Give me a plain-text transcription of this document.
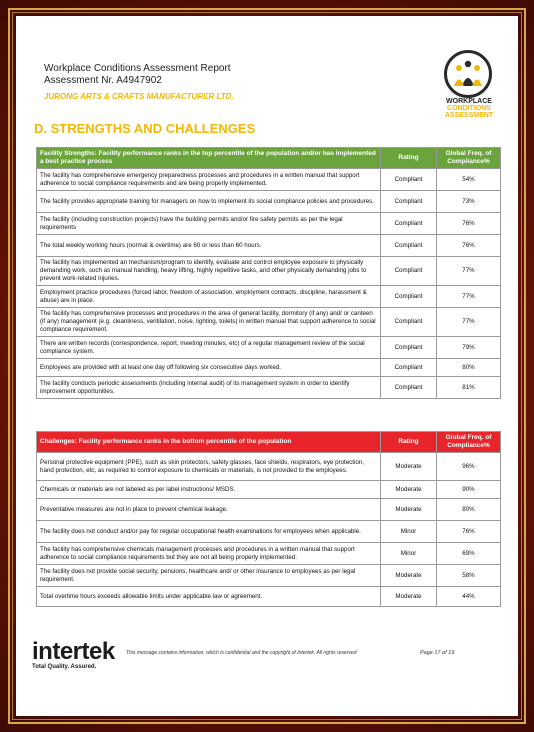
Workplace Conditions Assessment Report
Assessment Nr. A4947902
JURONG ARTS & CRAFTS MANUFACTURER LTD.
WORKPLACE
CONDITIONS
ASSESSMENT
D. STRENGTHS AND CHALLENGES
Facility Strengths: Facility performance ranks in the top percentile of the population and/or has implemented a best practice process	Rating	Global Freq. of Compliance%
The facility has comprehensive emergency preparedness processes and procedures in a written manual that support adherence to social compliance requirements and are being properly implemented.	Compliant	54%
The facility provides appropriate training for managers on how to implement its social compliance policies and procedures.	Compliant	73%
The facility (including construction projects) have the building permits and/or fire safety permits as per the legal requirements	Compliant	76%
The total weekly working hours (normal & overtime) are 60 or less than 60 hours.	Compliant	76%
The facility has implemented an mechanism/program to identify, evaluate and control employee exposure to physically demanding work, such as manual handling, heavy lifting, highly repetitive tasks, and other physically demanding jobs to prevent work-related injuries.	Compliant	77%
Employment practice procedures (forced labor, freedom of association, employment contracts, discipline, harassment & abuse) are in place.	Compliant	77%
The facility has comprehensive processes and procedures in the area of general facility, dormitory (if any) and/ or canteen (if any) management (e.g. cleanliness, ventilation, noise, lighting, toilets) in written manual that support adherence to social compliance requirement.	Compliant	77%
There are written records (correspondence, report, meeting minutes, etc) of a regular management review of the social compliance system.	Compliant	79%
Employees are provided with at least one day off following six consecutive days worked.	Compliant	80%
The facility conducts periodic assessments (including internal audit) of its management system in order to identify improvement opportunities.	Compliant	81%
Challenges: Facility performance ranks in the bottom percentile of the population	Rating	Global Freq. of Compliance%
Personal protective equipment (PPE), such as skin protectors, safety glasses, face shields, respirators, eye protection, hand protection, etc, as required to control exposure to chemicals or materials, is not provided to the employees.	Moderate	96%
Chemicals or materials are not labeled as per label instructions/ MSDS.	Moderate	90%
Preventative measures are not in place to prevent chemical leakage.	Moderate	80%
The facility does not conduct and/or pay for regular occupational health examinations for employees when applicable.	Minor	76%
The facility has comprehensive chemicals management processes and procedures in a written manual that support adherence to social compliance requirements but they are not all being properly implemented.	Minor	69%
The facility does not provide social security, pensions, healthcare and/ or other insurance to employees as per legal requirement.	Moderate	58%
Total overtime hours exceeds allowable limits under applicable law or agreement.	Moderate	44%
intertek
Total Quality. Assured.
This message contains information, which is confidential and the copyright of Intertek. All rights reserved	Page 17 of 19
